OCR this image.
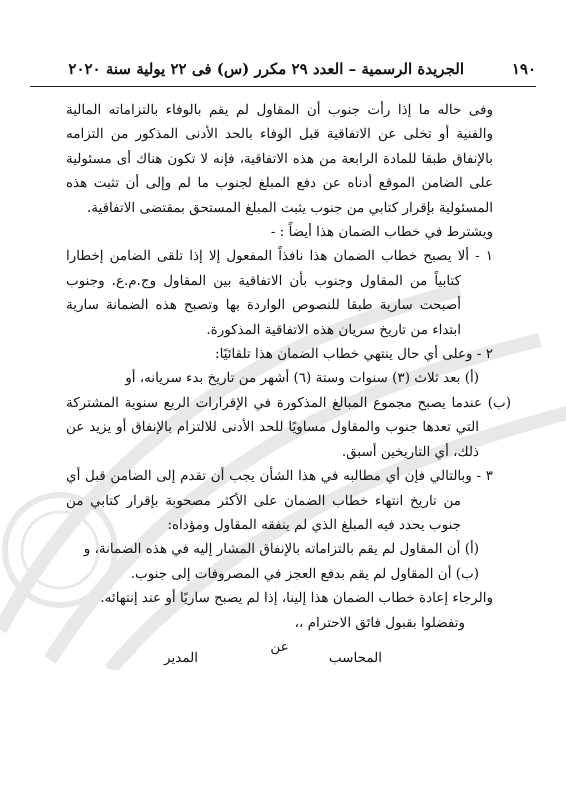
١٩٠
الجريدة الرسمية – العدد ٢٩ مكرر (س) فى ٢٢ يولية سنة ٢٠٢٠

وفى حاله ما إذا رأت جنوب أن المقاول لم يقم بالوفاء بالتزاماته المالية والفنية أو تخلى عن الاتفاقية قبل الوفاء بالحد الأدنى المذكور من التزامه بالإنفاق طبقا للمادة الرابعة من هذه الاتفاقية، فإنه لا تكون هناك أى مسئولية على الضامن الموقع أدناه عن دفع المبلغ لجنوب ما لم وإلى أن تثبت هذه المسئولية بإقرار كتابي من جنوب يثبت المبلغ المستحق بمقتضى الاتفاقية.

ويشترط في خطاب الضمان هذا أيضاً : -

١ - ألا يصبح خطاب الضمان هذا نافذاً المفعول إلا إذا تلقى الضامن إخطارا كتابياً من المقاول وجنوب بأن الاتفاقية بين المقاول وج.م.ع. وجنوب أصبحت سارية طبقا للنصوص الواردة بها وتصبح هذه الضمانة سارية ابتداء من تاريخ سريان هذه الاتفاقية المذكورة.

٢ - وعلى أي حال ينتهي خطاب الضمان هذا تلقائيًا:

(أ) بعد ثلاث (٣) سنوات وستة (٦) أشهر من تاريخ بدء سريانه، أو

(ب) عندما يصبح مجموع المبالغ المذكورة في الإقرارات الربع سنوية المشتركة التي تعدها جنوب والمقاول مساويًا للحد الأدنى للالتزام بالإنفاق أو يزيد عن ذلك، أي التاريخين أسبق.

٣ - وبالتالي فإن أي مطالبه في هذا الشأن يجب أن تقدم إلى الضامن قبل أي من تاريخ انتهاء خطاب الضمان على الأكثر مصحوبة بإقرار كتابي من جنوب يحدد فيه المبلغ الذي لم ينفقه المقاول ومؤداه:

(أ) أن المقاول لم يقم بالتزاماته بالإنفاق المشار إليه في هذه الضمانة، و

(ب) أن المقاول لم يقم بدفع العجز في المصروفات إلى جنوب.

والرجاء إعادة خطاب الضمان هذا إلينا، إذا لم يصبح ساريًا أو عند إنتهائه.

وتفضلوا بقبول فائق الاحترام ،،

عن

المحاسب
المدير
